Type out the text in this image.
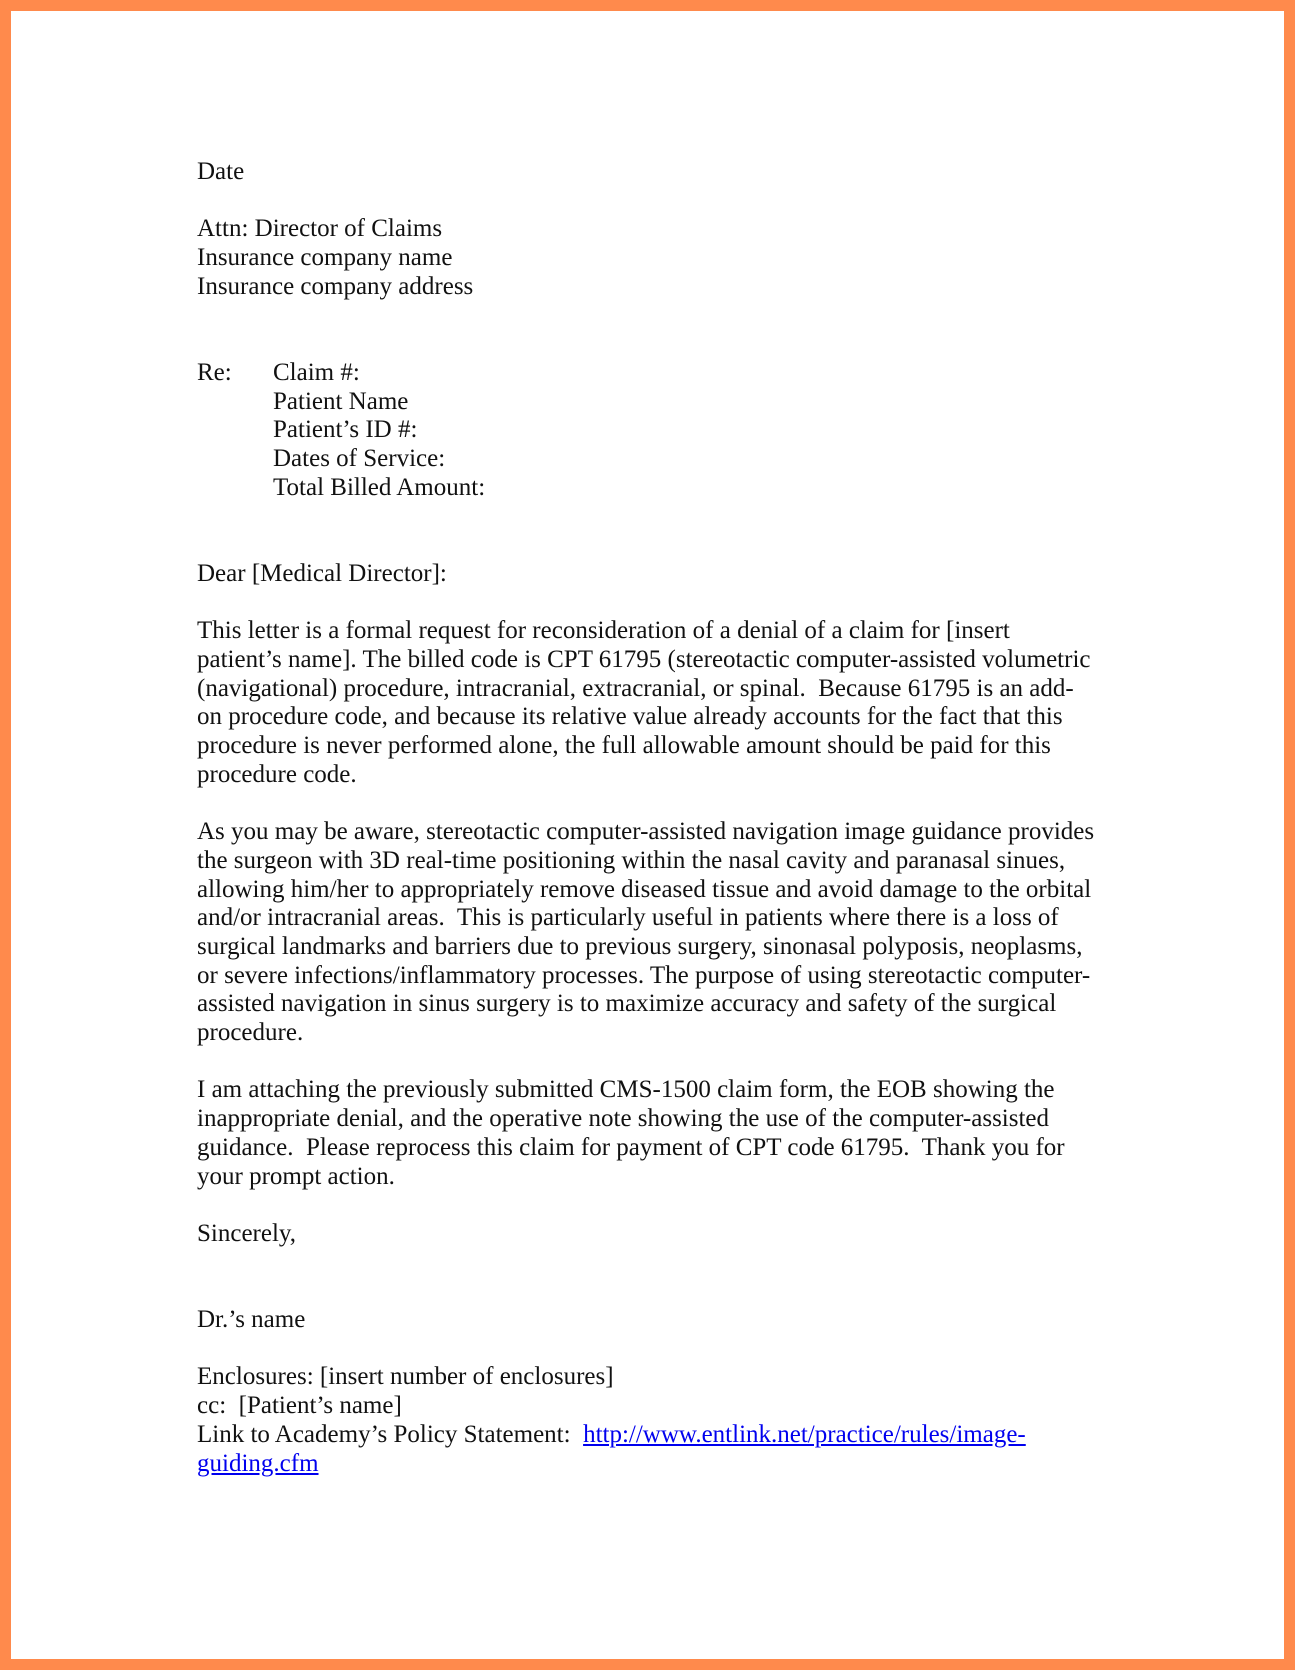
Date
Attn: Director of Claims
Insurance company name
Insurance company address
Re:	Claim #:
Patient Name
Patient’s ID #:
Dates of Service:
Total Billed Amount:
Dear [Medical Director]:
This letter is a formal request for reconsideration of a denial of a claim for [insert
patient’s name]. The billed code is CPT 61795 (stereotactic computer-assisted volumetric
(navigational) procedure, intracranial, extracranial, or spinal.  Because 61795 is an add-
on procedure code, and because its relative value already accounts for the fact that this
procedure is never performed alone, the full allowable amount should be paid for this
procedure code.
As you may be aware, stereotactic computer-assisted navigation image guidance provides
the surgeon with 3D real-time positioning within the nasal cavity and paranasal sinues,
allowing him/her to appropriately remove diseased tissue and avoid damage to the orbital
and/or intracranial areas.  This is particularly useful in patients where there is a loss of
surgical landmarks and barriers due to previous surgery, sinonasal polyposis, neoplasms,
or severe infections/inflammatory processes. The purpose of using stereotactic computer-
assisted navigation in sinus surgery is to maximize accuracy and safety of the surgical
procedure.
I am attaching the previously submitted CMS-1500 claim form, the EOB showing the
inappropriate denial, and the operative note showing the use of the computer-assisted
guidance.  Please reprocess this claim for payment of CPT code 61795.  Thank you for
your prompt action.
Sincerely,
Dr.’s name
Enclosures: [insert number of enclosures]
cc:  [Patient’s name]
Link to Academy’s Policy Statement:  http://www.entlink.net/practice/rules/image-
guiding.cfm
